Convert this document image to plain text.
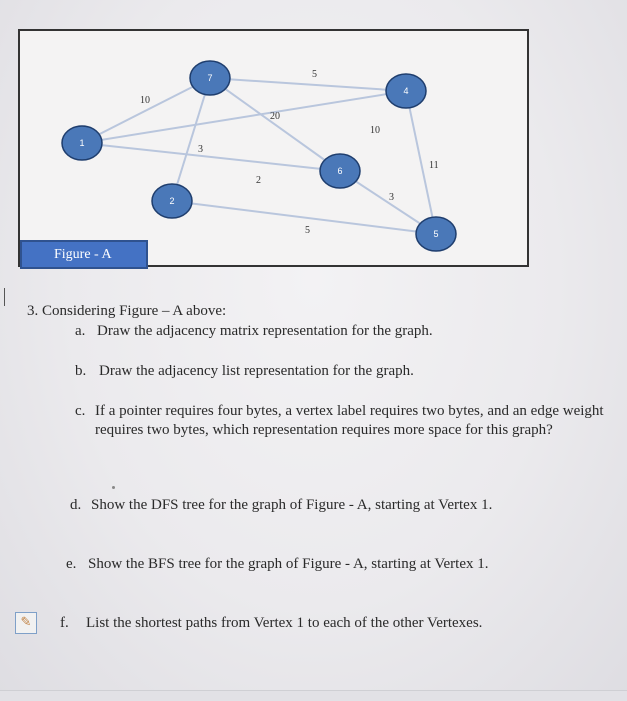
10
5
20
10
2
3
11
3
5
1
7
2
4
6
5
Figure - A
3. Considering Figure – A above:
a. Draw the adjacency matrix representation for the graph.
b. Draw the adjacency list representation for the graph.
c. If a pointer requires four bytes, a vertex label requires two bytes, and an edge weight requires two bytes, which representation requires more space for this graph?
d. Show the DFS tree for the graph of Figure - A, starting at Vertex 1.
e. Show the BFS tree for the graph of Figure - A, starting at Vertex 1.
✎	f. List the shortest paths from Vertex 1 to each of the other Vertexes.
